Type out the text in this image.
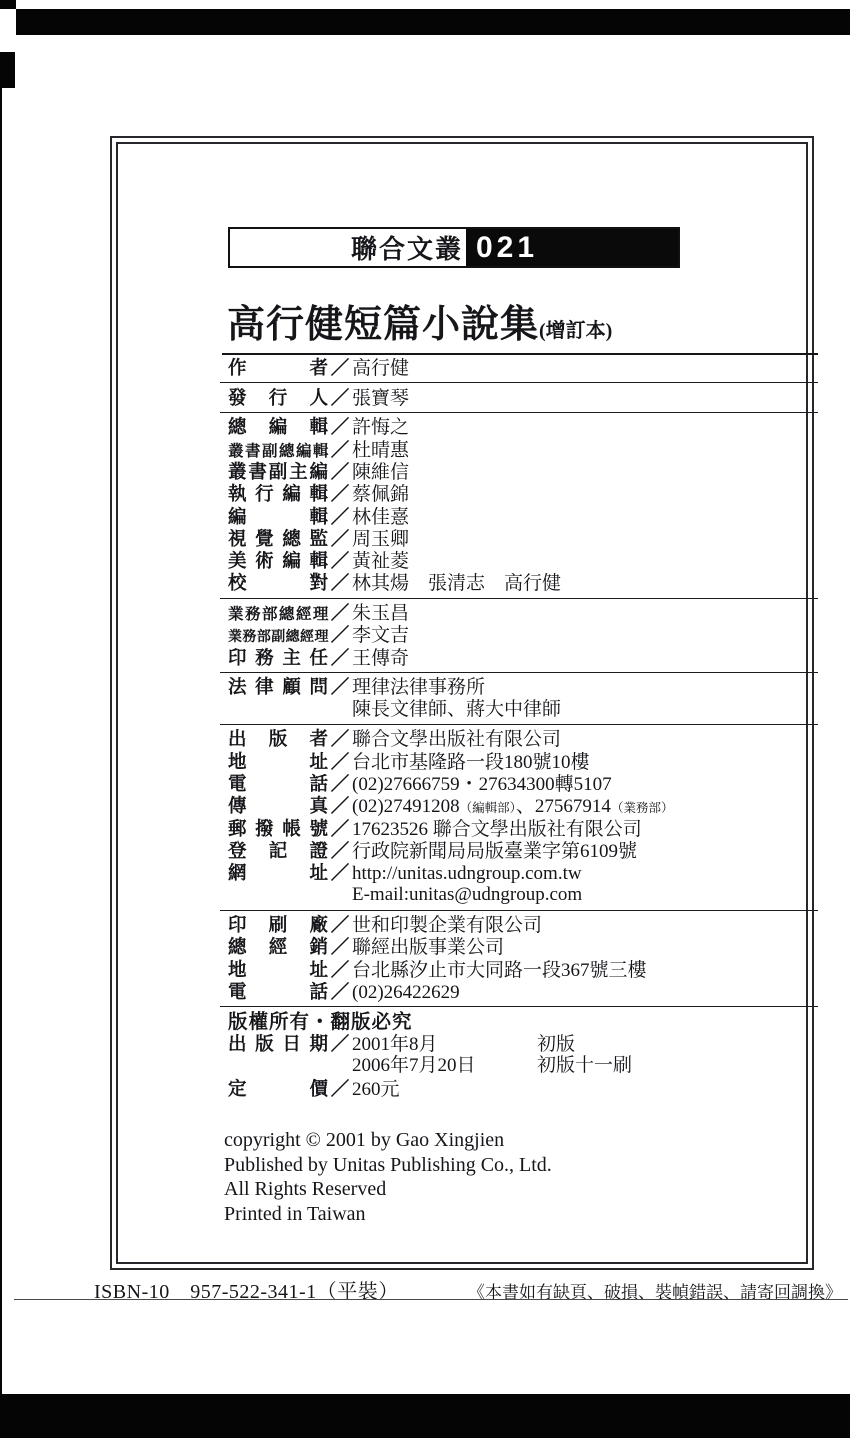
聯合文叢 021
高行健短篇小說集(增訂本)
作	者 ／ 高行健
發 行 人 ／ 張寶琴
總 編 輯 ／ 許悔之
叢 書 副 總 編 輯 ／ 杜晴惠
叢 書 副 主 編 ／ 陳維信
執 行 編 輯 ／ 蔡佩錦
編	輯 ／ 林佳憙
視 覺 總 監 ／ 周玉卿
美 術 編 輯 ／ 黃祉菱
校	對 ／ 林其煬　張清志　高行健
業 務 部 總 經 理 ／ 朱玉昌
業 務 部 副 總 經 理 ／ 李文吉
印 務 主 任 ／ 王傳奇
法 律 顧 問 ／ 理律法律事務所
陳長文律師、蔣大中律師
出 版 者 ／ 聯合文學出版社有限公司
地	址 ／ 台北市基隆路一段180號10樓
電	話 ／ (02)27666759・27634300轉5107
傳	真 ／ (02)27491208（編輯部）、27567914（業務部）
郵 撥 帳 號 ／ 17623526 聯合文學出版社有限公司
登 記 證 ／ 行政院新聞局局版臺業字第6109號
網	址 ／ http://unitas.udngroup.com.tw
E-mail:unitas@udngroup.com
印 刷 廠 ／ 世和印製企業有限公司
總 經 銷 ／ 聯經出版事業公司
地	址 ／ 台北縣汐止市大同路一段367號三樓
電	話 ／ (02)26422629
版權所有・翻版必究
出 版 日 期 ／ 2001年8月	初版
2006年7月20日	初版十一刷
定	價 ／ 260元
copyright © 2001 by Gao Xingjien
Published by Unitas Publishing Co., Ltd.
All Rights Reserved
Printed in Taiwan
ISBN-10　957-522-341-1（平裝）	《本書如有缺頁、破損、裝幀錯誤、請寄回調換》
